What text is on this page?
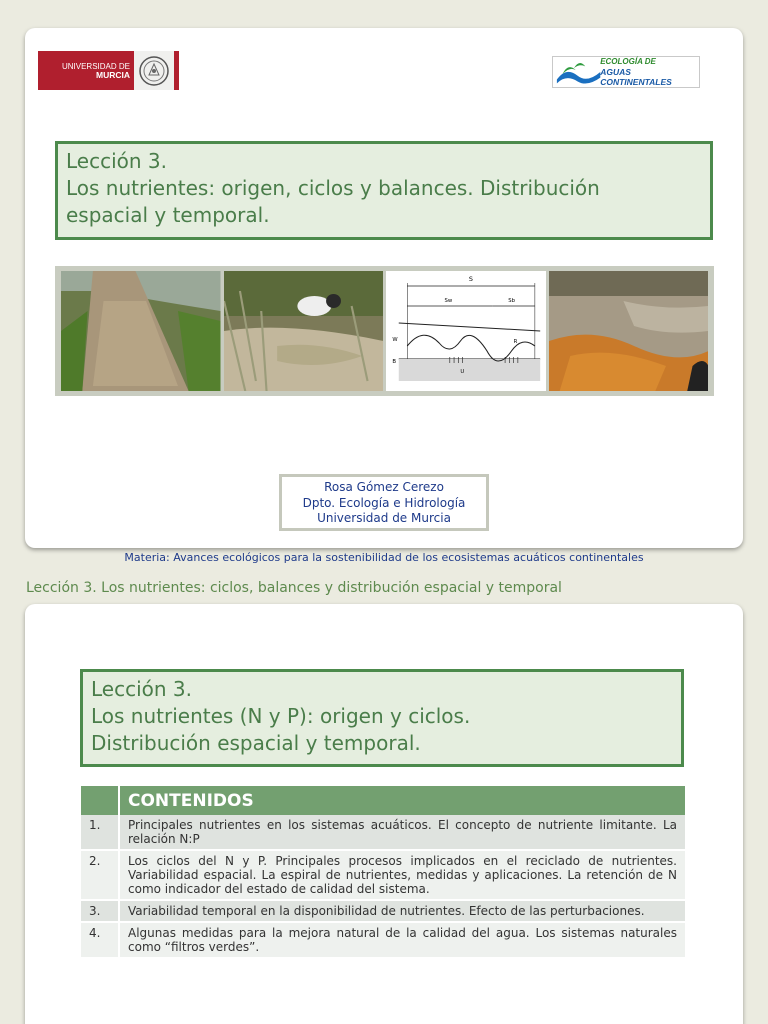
UNIVERSIDAD DE
MURCIA
ECOLOGÍA DE
AGUAS CONTINENTALES
Lección 3.
Los nutrientes: origen, ciclos y balances. Distribución
espacial y temporal.
S
Sw	Sb
W
B
U
R
Rosa Gómez Cerezo
Dpto. Ecología e Hidrología
Universidad de Murcia
Materia: Avances ecológicos para la sostenibilidad de los ecosistemas acuáticos continentales
Lección 3. Los nutrientes: ciclos, balances y distribución espacial y temporal
Lección 3.
Los nutrientes (N y P): origen y ciclos.
Distribución espacial y temporal.
	CONTENIDOS
1.	Principales nutrientes en los sistemas acuáticos. El concepto de nutriente limitante. La relación N:P
2.	Los ciclos del N y P. Principales procesos implicados en el reciclado de nutrientes. Variabilidad espacial. La espiral de nutrientes, medidas y aplicaciones. La retención de N como indicador del estado de calidad del sistema.
3.	Variabilidad temporal en la disponibilidad de nutrientes. Efecto de las perturbaciones.
4.	Algunas medidas para la mejora natural de la calidad del agua. Los sistemas naturales como “filtros verdes”.
